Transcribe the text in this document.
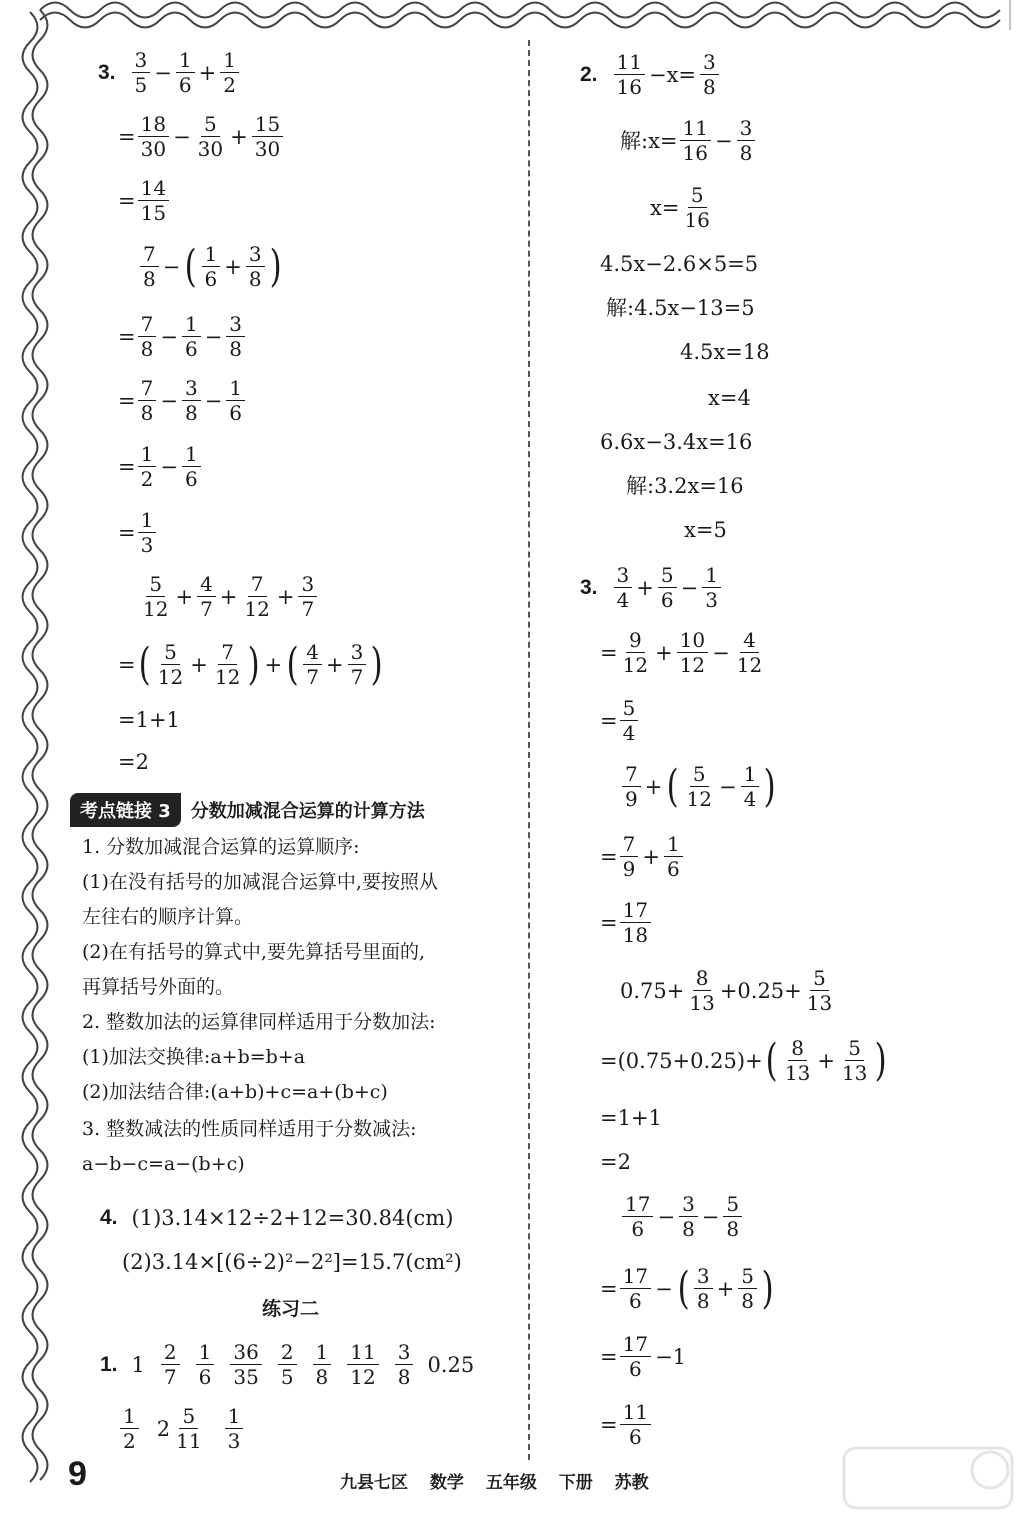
3. 3
5
− $\frac{1}{6} + \frac{1}{2}$
=
18
30
− $\frac{5}{30} + \frac{15}{30}$
=
14
15
7
8
− ( 1
6
+ $\frac{3}{8}$ )
=
7
8
− $\frac{1}{6} - \frac{3}{8}$
=
7
8
− $\frac{3}{8} - \frac{1}{6}$
=
1
2
− $\frac{1}{6}$
=
1
3
5
12
+ $\frac{4}{7} + \frac{7}{12} + \frac{3}{7}$
= ( 5
12
+ $\frac{7}{12}$ ) + ( 4
7
+ $\frac{3}{7}$ )
=1+1
=2
考点链接 3	分数加减混合运算的计算方法
1. 分数加减混合运算的运算顺序:
(1)在没有括号的加减混合运算中,要按照从
左往右的顺序计算。
(2)在有括号的算式中,要先算括号里面的,
再算括号外面的。
2. 整数加法的运算律同样适用于分数加法:
(1)加法交换律:a+b=b+a
(2)加法结合律:(a+b)+c=a+(b+c)
3. 整数减法的性质同样适用于分数减法:
a−b−c=a−(b+c)
4. (1)3.14×12÷2+12=30.84(cm)
(2)3.14×[(6÷2)²−2²]=15.7(cm²)
练习二
1. 1
2
7
1
6
36
35
2
5
1
8
11
12
3
8
0.25
1
2
2
5
11
1
3
2. 11
16
$-x= \frac{3}{8}$
解: x=
11
16
− $\frac{3}{8}$
x=
5
16
4.5x−2.6×5=5
解:4.5x−13=5
4.5x=18
x=4
6.6x−3.4x=16
解:3.2x=16
x=5
3. 3
4
+ $\frac{5}{6} - \frac{1}{3}$
=
9
12
+ $\frac{10}{12} - \frac{4}{12}$
=
5
4
7
9
+ ( 5
12
− $\frac{1}{4}$ )
=
7
9
+ $\frac{1}{6}$
=
17
18
0.75+
8
13
+0.25+
5
13
=(0.75+0.25)+ ( 8
13
+ $\frac{5}{13}$ )
=1+1
=2
17
6
− $\frac{3}{8} - \frac{5}{8}$
=
17
6
− ( 3
8
+ $\frac{5}{8}$ )
=
17
6
−1
=
11
6
9	九县七区 数学 五年级 下册 苏教
